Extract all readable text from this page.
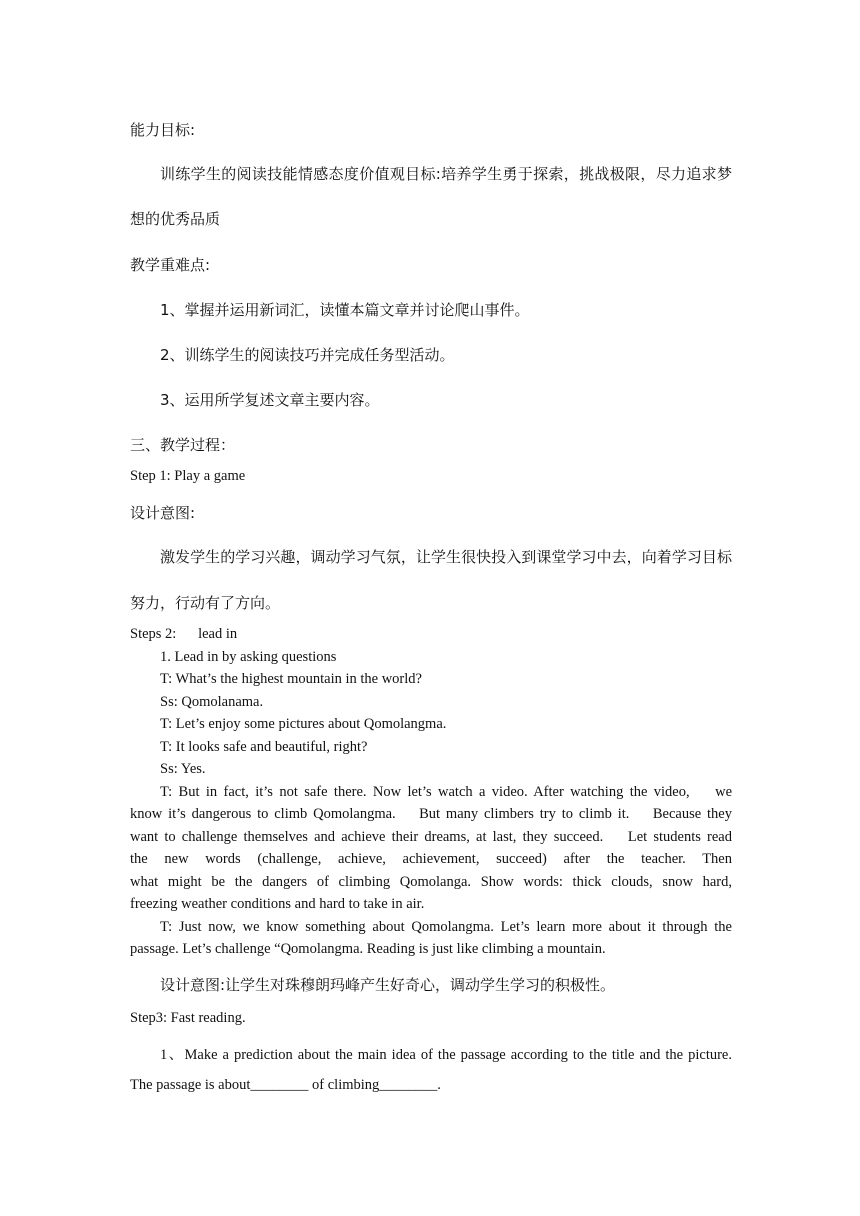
能力目标:
训练学生的阅读技能情感态度价值观目标:培养学生勇于探索，挑战极限，尽力追求梦
想的优秀品质
教学重难点:
1、掌握并运用新词汇，读懂本篇文章并讨论爬山事件。
2、训练学生的阅读技巧并完成任务型活动。
3、运用所学复述文章主要内容。
三、教学过程：
Step 1: Play a game
设计意图:
激发学生的学习兴趣，调动学习气氛，让学生很快投入到课堂学习中去，向着学习目标
努力，行动有了方向。
Steps 2:      lead in
1. Lead in by asking questions
T: What’s the highest mountain in the world?
Ss: Qomolanama.
T: Let’s enjoy some pictures about Qomolangma.
T: It looks safe and beautiful, right?
Ss: Yes.
T: But in fact, it’s not safe there. Now let’s watch a video. After watching the video,    we
know it’s dangerous to climb Qomolangma.    But many climbers try to climb it.    Because they
want to challenge themselves and achieve their dreams, at last, they succeed.    Let students read
the new words (challenge, achieve, achievement, succeed) after the teacher. Then
what might be the dangers of climbing Qomolanga. Show words: thick clouds, snow hard,
freezing weather conditions and hard to take in air.
T: Just now, we know something about Qomolangma. Let’s learn more about it through the
passage. Let’s challenge “Qomolangma. Reading is just like climbing a mountain.
设计意图:让学生对珠穆朗玛峰产生好奇心，调动学生学习的积极性。
Step3: Fast reading.
1、Make a prediction about the main idea of the passage according to the title and the picture.
The passage is about________ of climbing________.
